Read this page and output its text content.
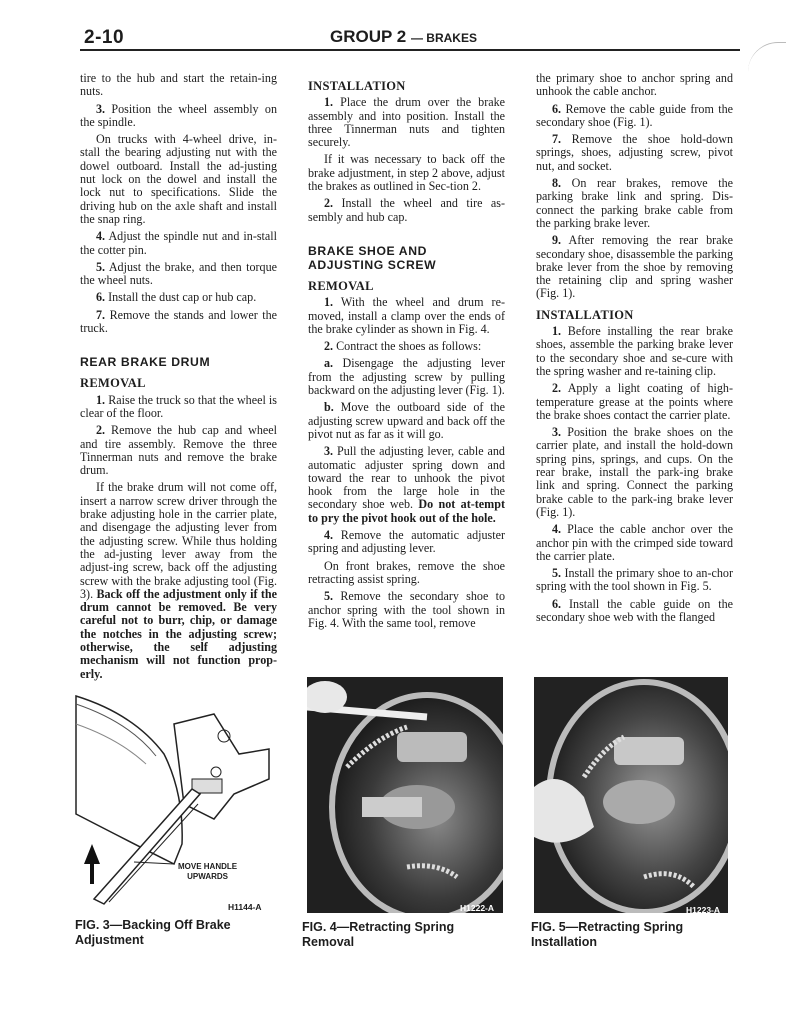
2-10	GROUP 2 — BRAKES

tire to the hub and start the retain-ing nuts.

3. Position the wheel assembly on the spindle.

On trucks with 4-wheel drive, in-stall the bearing adjusting nut with the dowel outboard. Install the ad-justing nut lock on the dowel and install the lock nut to specifications. Slide the driving hub on the axle shaft and install the snap ring.

4. Adjust the spindle nut and in-stall the cotter pin.

5. Adjust the brake, and then torque the wheel nuts.

6. Install the dust cap or hub cap.

7. Remove the stands and lower the truck.

REAR BRAKE DRUM
REMOVAL

1. Raise the truck so that the wheel is clear of the floor.

2. Remove the hub cap and wheel and tire assembly. Remove the three Tinnerman nuts and remove the brake drum.

If the brake drum will not come off, insert a narrow screw driver through the brake adjusting hole in the carrier plate, and disengage the adjusting lever from the adjusting screw. While thus holding the ad-justing lever away from the adjust-ing screw, back off the adjusting screw with the brake adjusting tool (Fig. 3). Back off the adjustment only if the drum cannot be removed. Be very careful not to burr, chip, or damage the notches in the adjusting screw; otherwise, the self adjusting mechanism will not function prop-erly.

INSTALLATION

1. Place the drum over the brake assembly and into position. Install the three Tinnerman nuts and tighten securely.

If it was necessary to back off the brake adjustment, in step 2 above, adjust the brakes as outlined in Sec-tion 2.

2. Install the wheel and tire as-sembly and hub cap.

BRAKE SHOE AND ADJUSTING SCREW
REMOVAL

1. With the wheel and drum re-moved, install a clamp over the ends of the brake cylinder as shown in Fig. 4.

2. Contract the shoes as follows:

a. Disengage the adjusting lever from the adjusting screw by pulling backward on the adjusting lever (Fig. 1).

b. Move the outboard side of the adjusting screw upward and back off the pivot nut as far as it will go.

3. Pull the adjusting lever, cable and automatic adjuster spring down and toward the rear to unhook the pivot hook from the large hole in the secondary shoe web. Do not at-tempt to pry the pivot hook out of the hole.

4. Remove the automatic adjuster spring and adjusting lever.

On front brakes, remove the shoe retracting assist spring.

5. Remove the secondary shoe to anchor spring with the tool shown in Fig. 4. With the same tool, remove

the primary shoe to anchor spring and unhook the cable anchor.

6. Remove the cable guide from the secondary shoe (Fig. 1).

7. Remove the shoe hold-down springs, shoes, adjusting screw, pivot nut, and socket.

8. On rear brakes, remove the parking brake link and spring. Dis-connect the parking brake cable from the parking brake lever.

9. After removing the rear brake secondary shoe, disassemble the parking brake lever from the shoe by removing the retaining clip and spring washer (Fig. 1).

INSTALLATION

1. Before installing the rear brake shoes, assemble the parking brake lever to the secondary shoe and se-cure with the spring washer and re-taining clip.

2. Apply a light coating of high-temperature grease at the points where the brake shoes contact the carrier plate.

3. Position the brake shoes on the carrier plate, and install the hold-down spring pins, springs, and cups. On the rear brake, install the park-ing brake link and spring. Connect the parking brake cable to the park-ing brake lever (Fig. 1).

4. Place the cable anchor over the anchor pin with the crimped side toward the carrier plate.

5. Install the primary shoe to an-chor spring with the tool shown in Fig. 5.

6. Install the cable guide on the secondary shoe web with the flanged

MOVE HANDLE
UPWARDS
H1144-A
FIG. 3—Backing Off Brake
Adjustment
H1222-A
FIG. 4—Retracting Spring
Removal
H1223-A
FIG. 5—Retracting Spring
Installation
